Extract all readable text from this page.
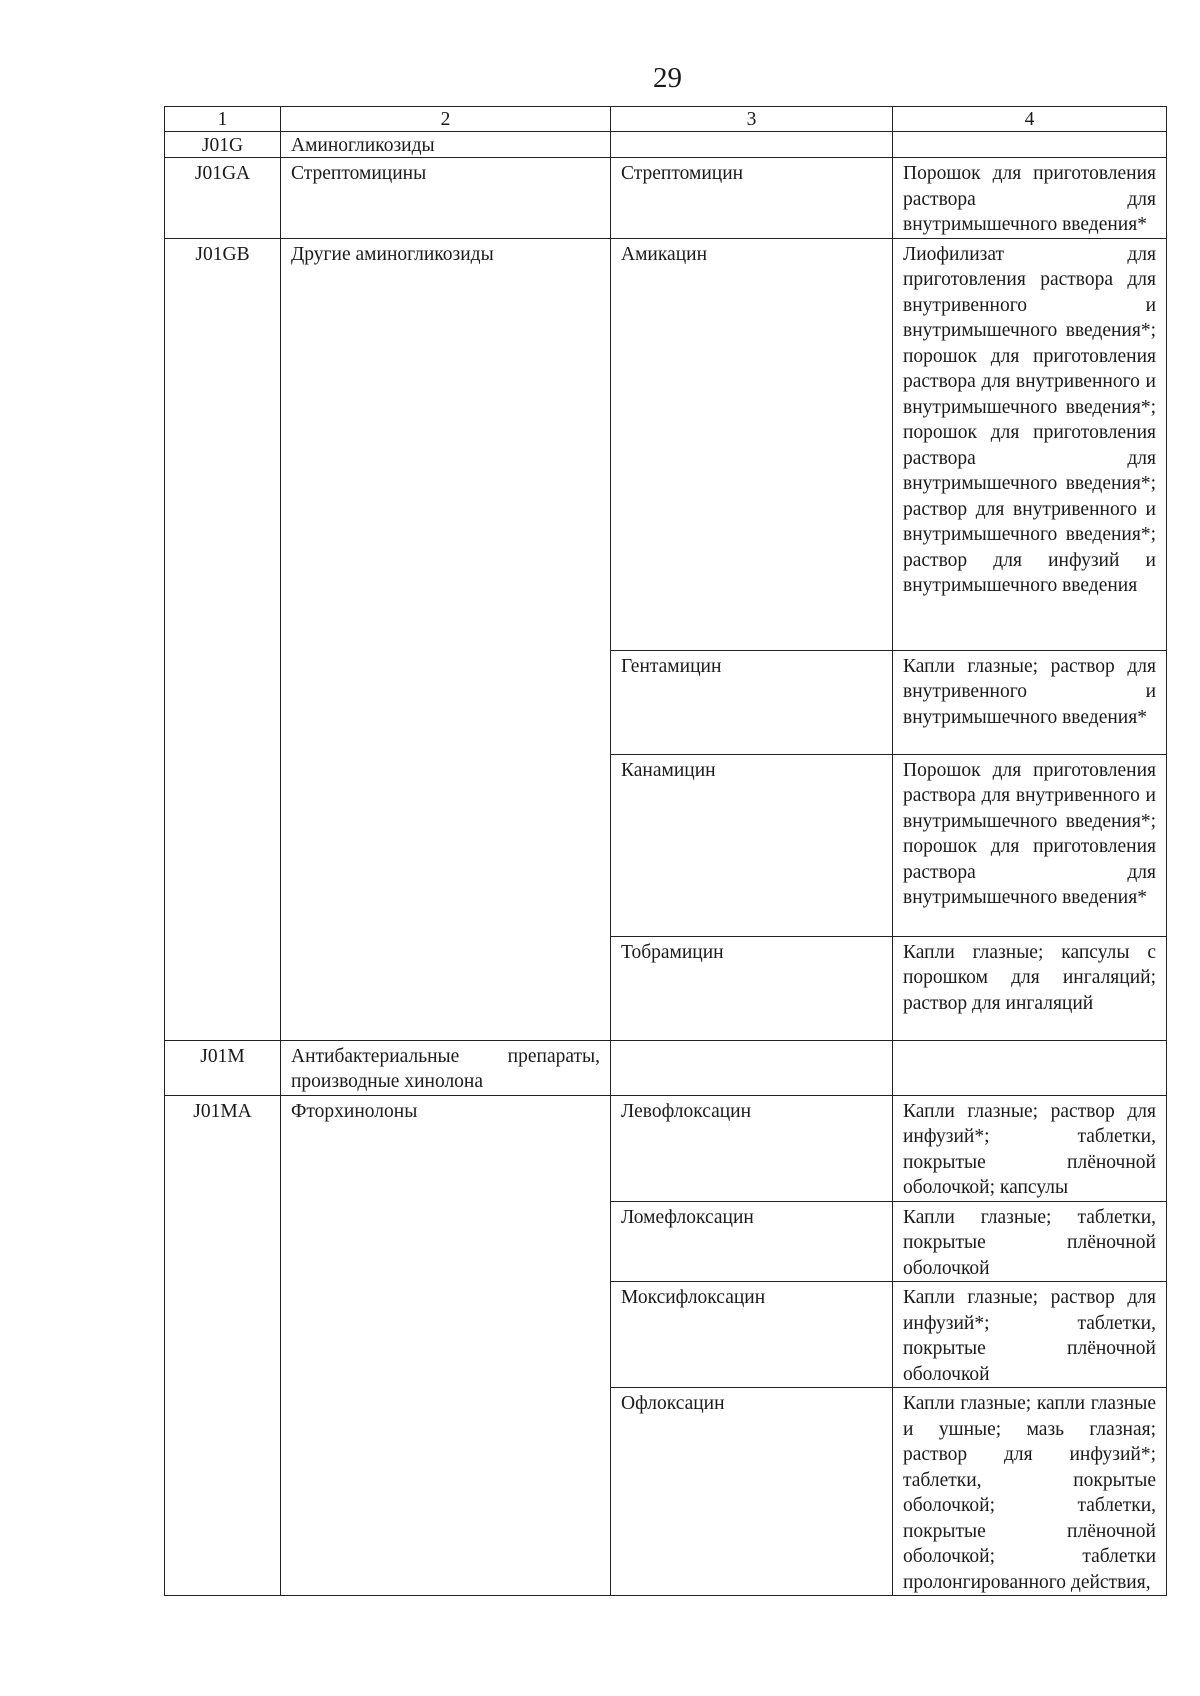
29
1	2	3	4
J01G	Аминогликозиды		
J01GA	Стрептомицины	Стрептомицин	Порошок для приготовления раствора для внутримышечного введения*
J01GB	Другие аминогликозиды	Амикацин	Лиофилизат для приготовления раствора для внутривенного и внутримышечного введения*; порошок для приготовления раствора для внутривенного и внутримышечного введения*; порошок для приготовления раствора для внутримышечного введения*; раствор для внутривенного и внутримышечного введения*; раствор для инфузий и внутримышечного введения
		Гентамицин	Капли глазные; раствор для внутривенного и внутримышечного введения*
		Канамицин	Порошок для приготовления раствора для внутривенного и внутримышечного введения*; порошок для приготовления раствора для внутримышечного введения*
		Тобрамицин	Капли глазные; капсулы с порошком для ингаляций; раствор для ингаляций
J01M	Антибактериальные препараты, производные хинолона		
J01MA	Фторхинолоны	Левофлоксацин	Капли глазные; раствор для инфузий*; таблетки, покрытые плёночной оболочкой; капсулы
		Ломефлоксацин	Капли глазные; таблетки, покрытые плёночной оболочкой
		Моксифлоксацин	Капли глазные; раствор для инфузий*; таблетки, покрытые плёночной оболочкой
		Офлоксацин	Капли глазные; капли глазные и ушные; мазь глазная; раствор для инфузий*; таблетки, покрытые оболочкой; таблетки, покрытые плёночной оболочкой; таблетки пролонгированного действия,
